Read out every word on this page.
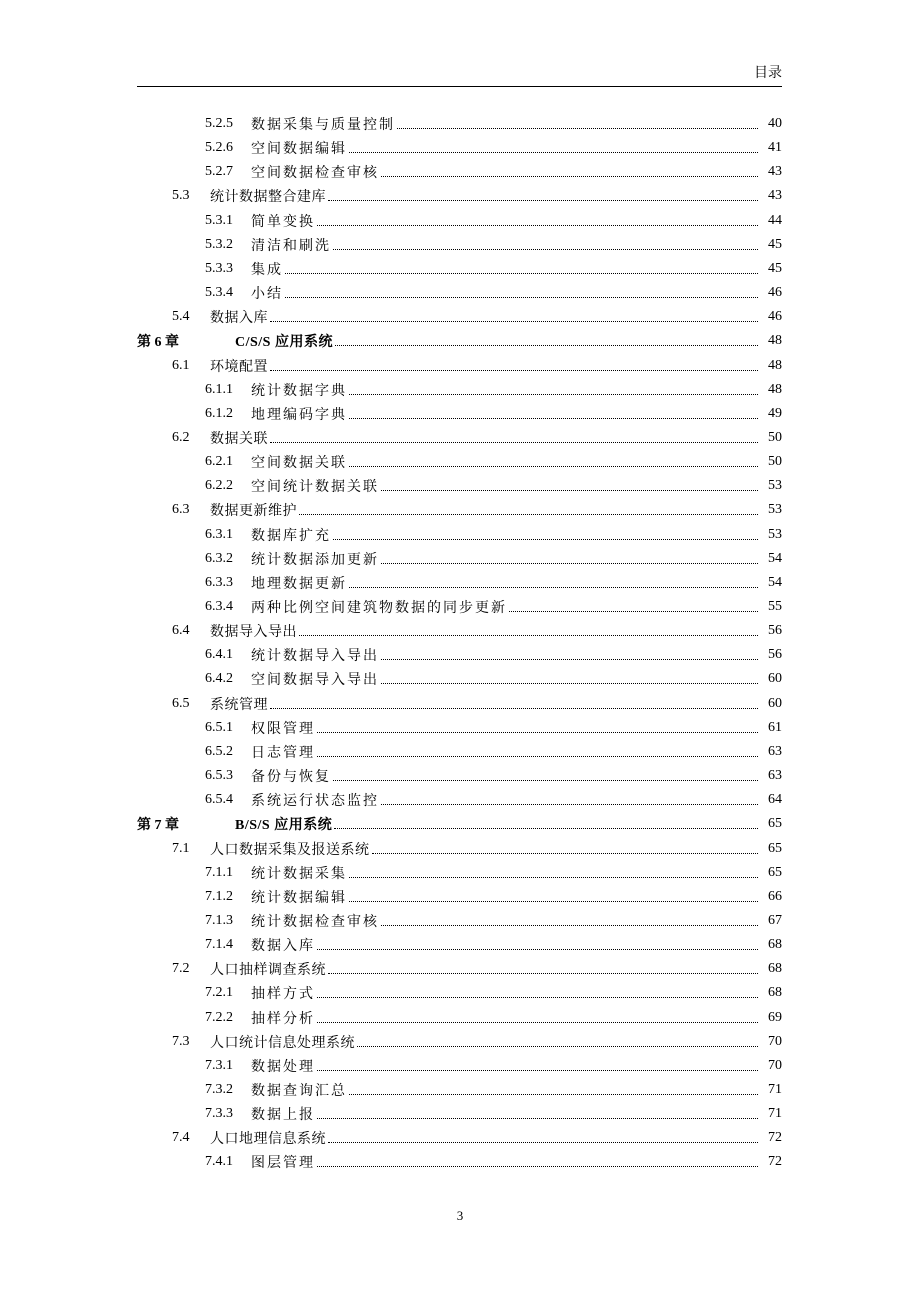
目录
5.2.5	数据采集与质量控制	40
5.2.6	空间数据编辑	41
5.2.7	空间数据检查审核	43
5.3	统计数据整合建库	43
5.3.1	简单变换	44
5.3.2	清洁和刷洗	45
5.3.3	集成	45
5.3.4	小结	46
5.4	数据入库	46
第 6 章	C/S/S 应用系统	48
6.1	环境配置	48
6.1.1	统计数据字典	48
6.1.2	地理编码字典	49
6.2	数据关联	50
6.2.1	空间数据关联	50
6.2.2	空间统计数据关联	53
6.3	数据更新维护	53
6.3.1	数据库扩充	53
6.3.2	统计数据添加更新	54
6.3.3	地理数据更新	54
6.3.4	两种比例空间建筑物数据的同步更新	55
6.4	数据导入导出	56
6.4.1	统计数据导入导出	56
6.4.2	空间数据导入导出	60
6.5	系统管理	60
6.5.1	权限管理	61
6.5.2	日志管理	63
6.5.3	备份与恢复	63
6.5.4	系统运行状态监控	64
第 7 章	B/S/S 应用系统	65
7.1	人口数据采集及报送系统	65
7.1.1	统计数据采集	65
7.1.2	统计数据编辑	66
7.1.3	统计数据检查审核	67
7.1.4	数据入库	68
7.2	人口抽样调查系统	68
7.2.1	抽样方式	68
7.2.2	抽样分析	69
7.3	人口统计信息处理系统	70
7.3.1	数据处理	70
7.3.2	数据查询汇总	71
7.3.3	数据上报	71
7.4	人口地理信息系统	72
7.4.1	图层管理	72
3
